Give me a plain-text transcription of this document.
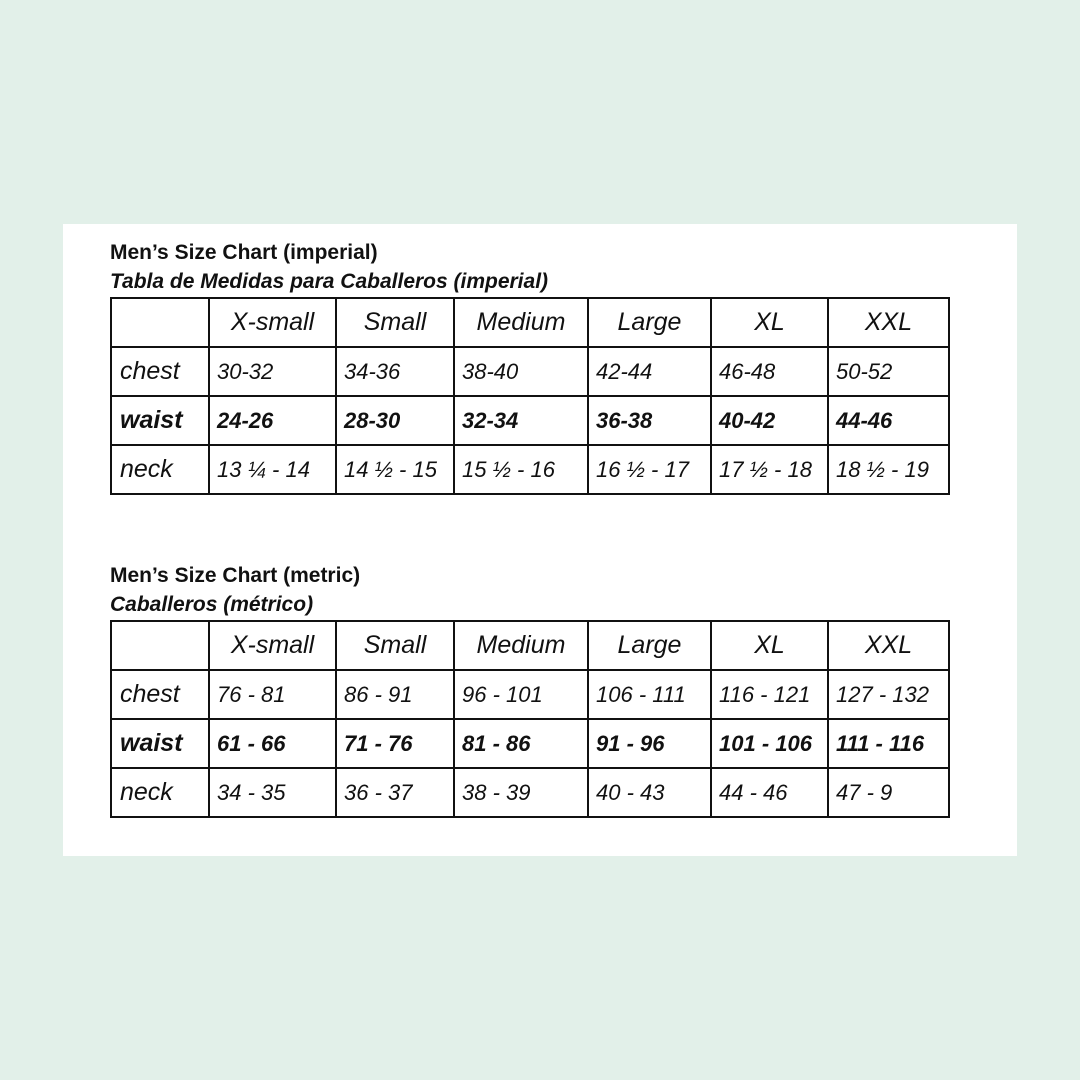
Men’s Size Chart (imperial)

Tabla de Medidas para Caballeros (imperial)

	X-small	Small	Medium	Large	XL	XXL
chest	30-32	34-36	38-40	42-44	46-48	50-52
waist	24-26	28-30	32-34	36-38	40-42	44-46
neck	13 ¼ - 14	14 ½ - 15	15 ½ - 16	16 ½ - 17	17 ½ - 18	18 ½ - 19

Men’s Size Chart (metric)

Caballeros (métrico)

	X-small	Small	Medium	Large	XL	XXL
chest	76 - 81	86 - 91	96 - 101	106 - 111	116 - 121	127 - 132
waist	61 - 66	71 - 76	81 - 86	91 - 96	101 - 106	111 - 116
neck	34 - 35	36 - 37	38 - 39	40 - 43	44 - 46	47 - 9
